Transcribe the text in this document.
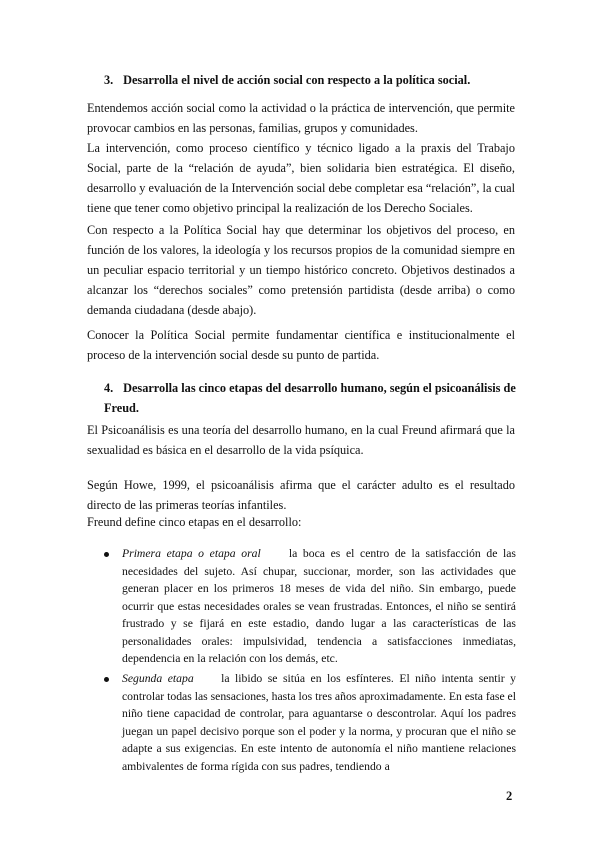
3. Desarrolla el nivel de acción social con respecto a la política social.
Entendemos acción social como la actividad o la práctica de intervención, que permite provocar cambios en las personas, familias, grupos y comunidades.
La intervención, como proceso científico y técnico ligado a la praxis del Trabajo Social, parte de la “relación de ayuda”, bien solidaria bien estratégica. El diseño, desarrollo y evaluación de la Intervención social debe completar esa “relación”, la cual tiene que tener como objetivo principal la realización de los Derecho Sociales.
Con respecto a la Política Social hay que determinar los objetivos del proceso, en función de los valores, la ideología y los recursos propios de la comunidad siempre en un peculiar espacio territorial y un tiempo histórico concreto. Objetivos destinados a alcanzar los “derechos sociales” como pretensión partidista (desde arriba) o como demanda ciudadana (desde abajo).
Conocer la Política Social permite fundamentar científica e institucionalmente el proceso de la intervención social desde su punto de partida.
4. Desarrolla las cinco etapas del desarrollo humano, según el psicoanálisis de Freud.
El Psicoanálisis es una teoría del desarrollo humano, en la cual Freund afirmará que la sexualidad es básica en el desarrollo de la vida psíquica.
Según Howe, 1999, el psicoanálisis afirma que el carácter adulto es el resultado directo de las primeras teorías infantiles.
Freund define cinco etapas en el desarrollo:
Primera etapa o etapa oral la boca es el centro de la satisfacción de las necesidades del sujeto. Así chupar, succionar, morder, son las actividades que generan placer en los primeros 18 meses de vida del niño. Sin embargo, puede ocurrir que estas necesidades orales se vean frustradas. Entonces, el niño se sentirá frustrado y se fijará en este estadio, dando lugar a las características de las personalidades orales: impulsividad, tendencia a satisfacciones inmediatas, dependencia en la relación con los demás, etc.
Segunda etapa la libido se sitúa en los esfínteres. El niño intenta sentir y controlar todas las sensaciones, hasta los tres años aproximadamente. En esta fase el niño tiene capacidad de controlar, para aguantarse o descontrolar. Aquí los padres juegan un papel decisivo porque son el poder y la norma, y procuran que el niño se adapte a sus exigencias. En este intento de autonomía el niño mantiene relaciones ambivalentes de forma rígida con sus padres, tendiendo a
2
